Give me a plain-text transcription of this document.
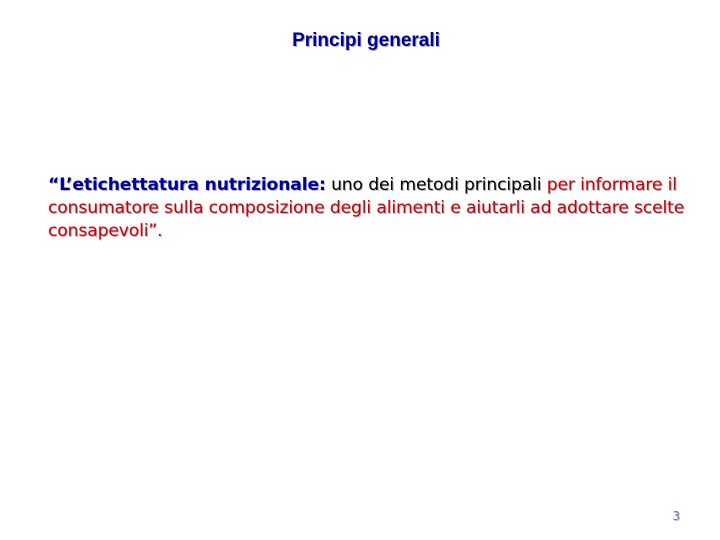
Principi generali
“L’etichettatura nutrizionale: uno dei metodi principali per informare il consumatore sulla composizione degli alimenti e aiutarli ad adottare scelte consapevoli”.
3
